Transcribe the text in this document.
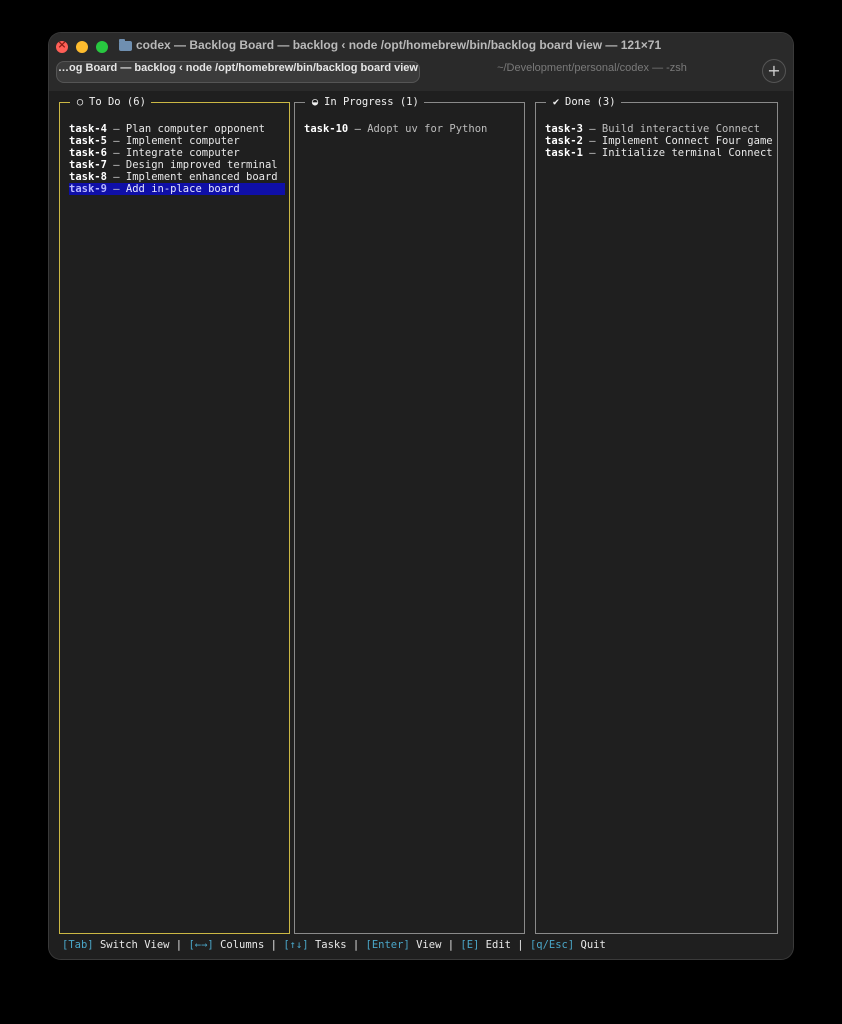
×
codex — Backlog Board — backlog ‹ node /opt/homebrew/bin/backlog board view — 121×71
…og Board — backlog ‹ node /opt/homebrew/bin/backlog board view	~/Development/personal/codex — -zsh	+
○ To Do (6)
task-4 – Plan computer opponent
task-5 – Implement computer
task-6 – Integrate computer
task-7 – Design improved terminal
task-8 – Implement enhanced board
task-9 – Add in-place board
◒ In Progress (1)
task-10 – Adopt uv for Python
✔ Done (3)
task-3 – Build interactive Connect
task-2 – Implement Connect Four game
task-1 – Initialize terminal Connect
[Tab] Switch View | [←→] Columns | [↑↓] Tasks | [Enter] View | [E] Edit | [q/Esc] Quit
